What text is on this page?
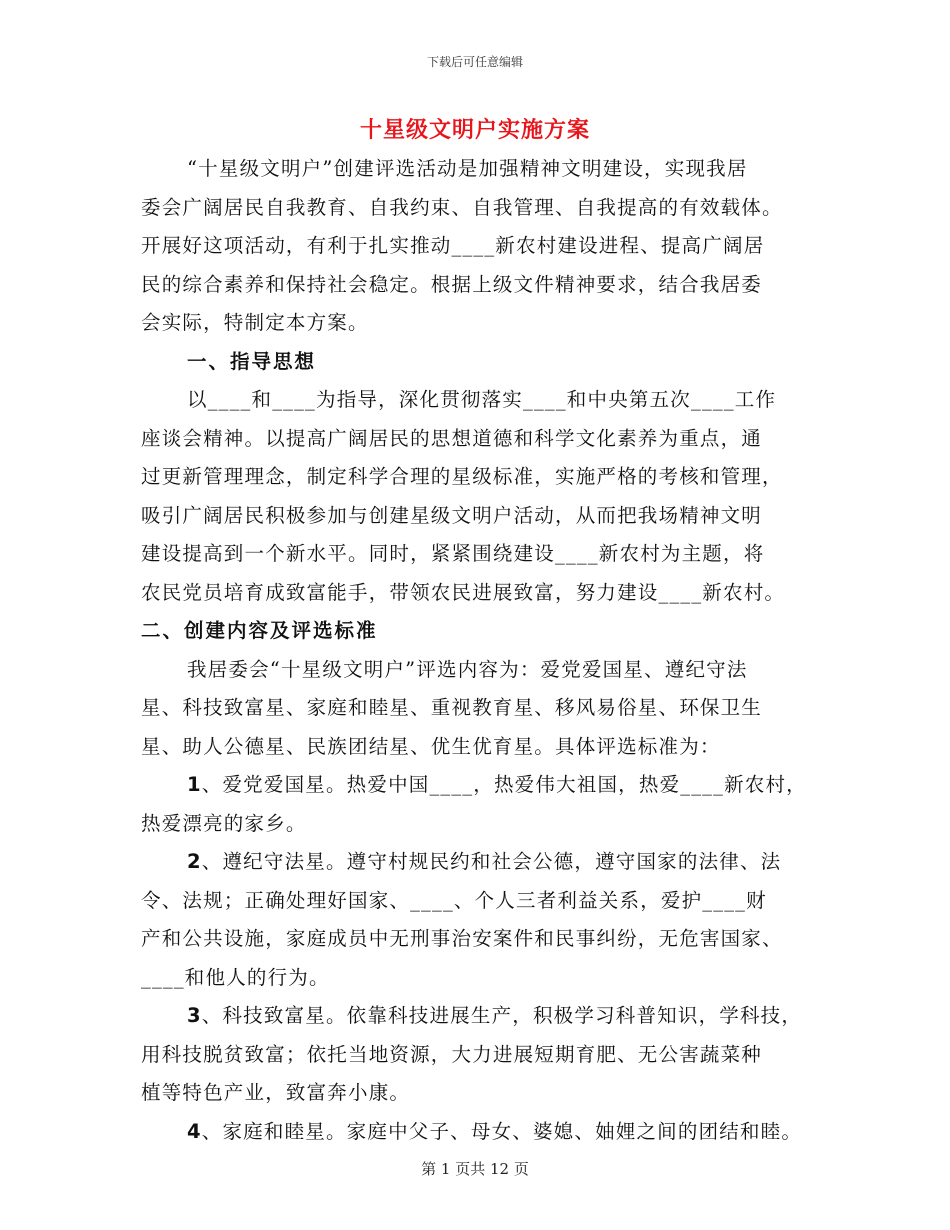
下载后可任意编辑
十星级文明户实施方案
“十星级文明户”创建评选活动是加强精神文明建设，实现我居
委会广阔居民自我教育、自我约束、自我管理、自我提高的有效载体。
开展好这项活动，有利于扎实推动____新农村建设进程、提高广阔居
民的综合素养和保持社会稳定。根据上级文件精神要求，结合我居委
会实际，特制定本方案。
一、指导思想
以____和____为指导，深化贯彻落实____和中央第五次____工作
座谈会精神。以提高广阔居民的思想道德和科学文化素养为重点，通
过更新管理理念，制定科学合理的星级标准，实施严格的考核和管理，
吸引广阔居民积极参加与创建星级文明户活动，从而把我场精神文明
建设提高到一个新水平。同时，紧紧围绕建设____新农村为主题，将
农民党员培育成致富能手，带领农民进展致富，努力建设____新农村。
二、创建内容及评选标准
我居委会“十星级文明户”评选内容为：爱党爱国星、遵纪守法
星、科技致富星、家庭和睦星、重视教育星、移风易俗星、环保卫生
星、助人公德星、民族团结星、优生优育星。具体评选标准为：
1、爱党爱国星。热爱中国____，热爱伟大祖国，热爱____新农村，
热爱漂亮的家乡。
2、遵纪守法星。遵守村规民约和社会公德，遵守国家的法律、法
令、法规；正确处理好国家、____、个人三者利益关系，爱护____财
产和公共设施，家庭成员中无刑事治安案件和民事纠纷，无危害国家、
____和他人的行为。
3、科技致富星。依靠科技进展生产，积极学习科普知识，学科技，
用科技脱贫致富；依托当地资源，大力进展短期育肥、无公害蔬菜种
植等特色产业，致富奔小康。
4、家庭和睦星。家庭中父子、母女、婆媳、妯娌之间的团结和睦。
第 1 页共 12 页
